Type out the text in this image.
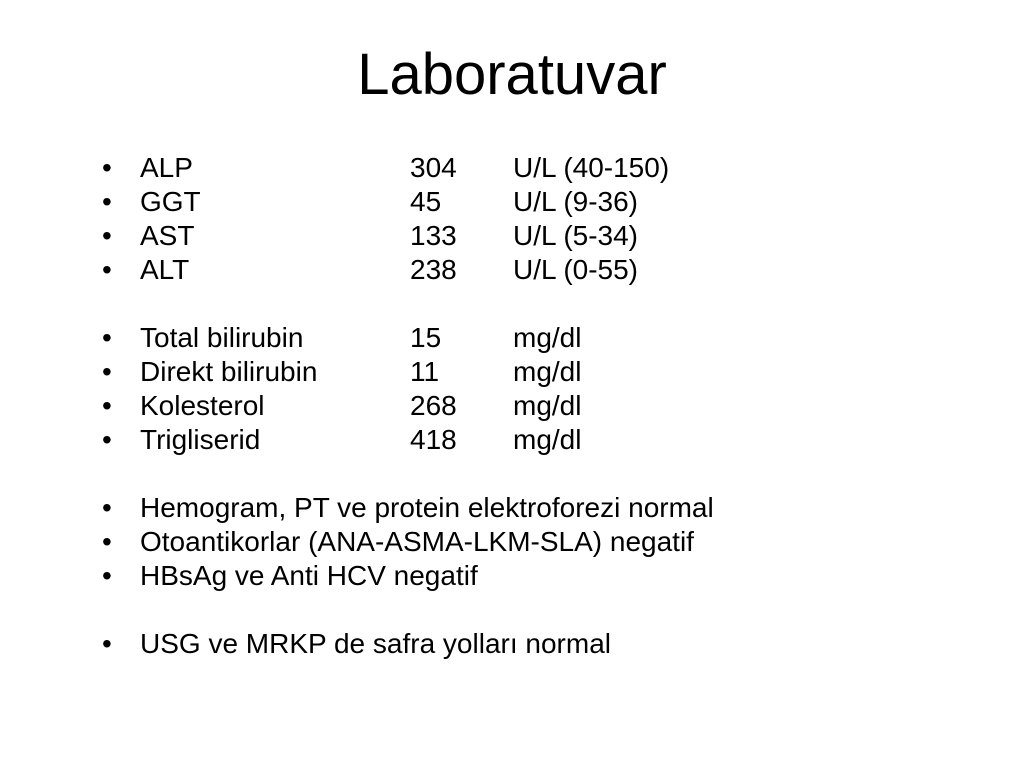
Laboratuvar
•	ALP	304	U/L (40-150)
•	GGT	45	U/L (9-36)
•	AST	133	U/L (5-34)
•	ALT	238	U/L (0-55)
•	Total bilirubin	15	mg/dl
•	Direkt bilirubin	11	mg/dl
•	Kolesterol	268	mg/dl
•	Trigliserid	418	mg/dl
•	Hemogram, PT ve protein elektroforezi normal
•	Otoantikorlar (ANA-ASMA-LKM-SLA) negatif
•	HBsAg ve Anti HCV negatif
•	USG ve MRKP de safra yolları normal
